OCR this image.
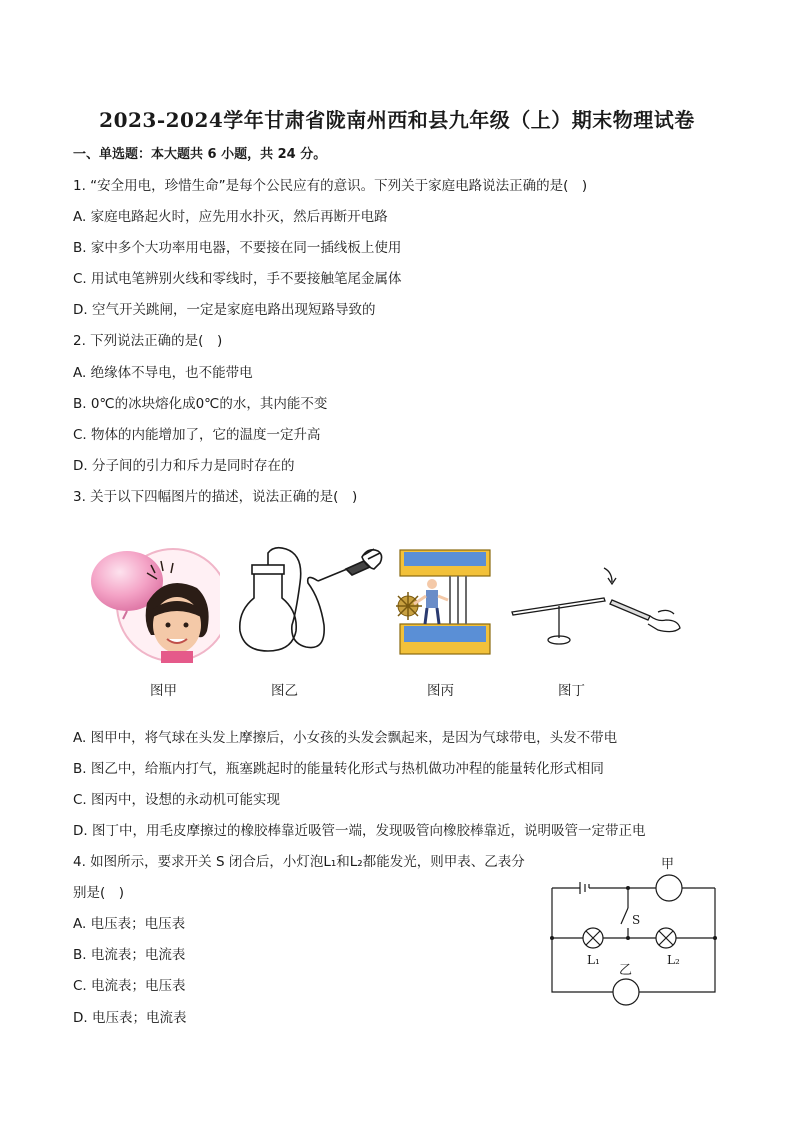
2023-2024学年甘肃省陇南州西和县九年级（上）期末物理试卷
一、单选题：本大题共 6 小题，共 24 分。
1. “安全用电，珍惜生命”是每个公民应有的意识。下列关于家庭电路说法正确的是(　)
A. 家庭电路起火时，应先用水扑灭，然后再断开电路
B. 家中多个大功率用电器，不要接在同一插线板上使用
C. 用试电笔辨别火线和零线时，手不要接触笔尾金属体
D. 空气开关跳闸，一定是家庭电路出现短路导致的
2. 下列说法正确的是(　)
A. 绝缘体不导电，也不能带电
B. 0℃的冰块熔化成0℃的水，其内能不变
C. 物体的内能增加了，它的温度一定升高
D. 分子间的引力和斥力是同时存在的
3. 关于以下四幅图片的描述，说法正确的是(　)
图甲	图乙	图丙	图丁
A. 图甲中，将气球在头发上摩擦后，小女孩的头发会飘起来，是因为气球带电，头发不带电
B. 图乙中，给瓶内打气，瓶塞跳起时的能量转化形式与热机做功冲程的能量转化形式相同
C. 图丙中，设想的永动机可能实现
D. 图丁中，用毛皮摩擦过的橡胶棒靠近吸管一端，发现吸管向橡胶棒靠近，说明吸管一定带正电
4. 如图所示，要求开关 S 闭合后，小灯泡L₁和L₂都能发光，则甲表、乙表分
别是(　)
A. 电压表；电压表
B. 电流表；电流表
C. 电流表；电压表
D. 电压表；电流表
甲
S
L₁	L₂
乙
